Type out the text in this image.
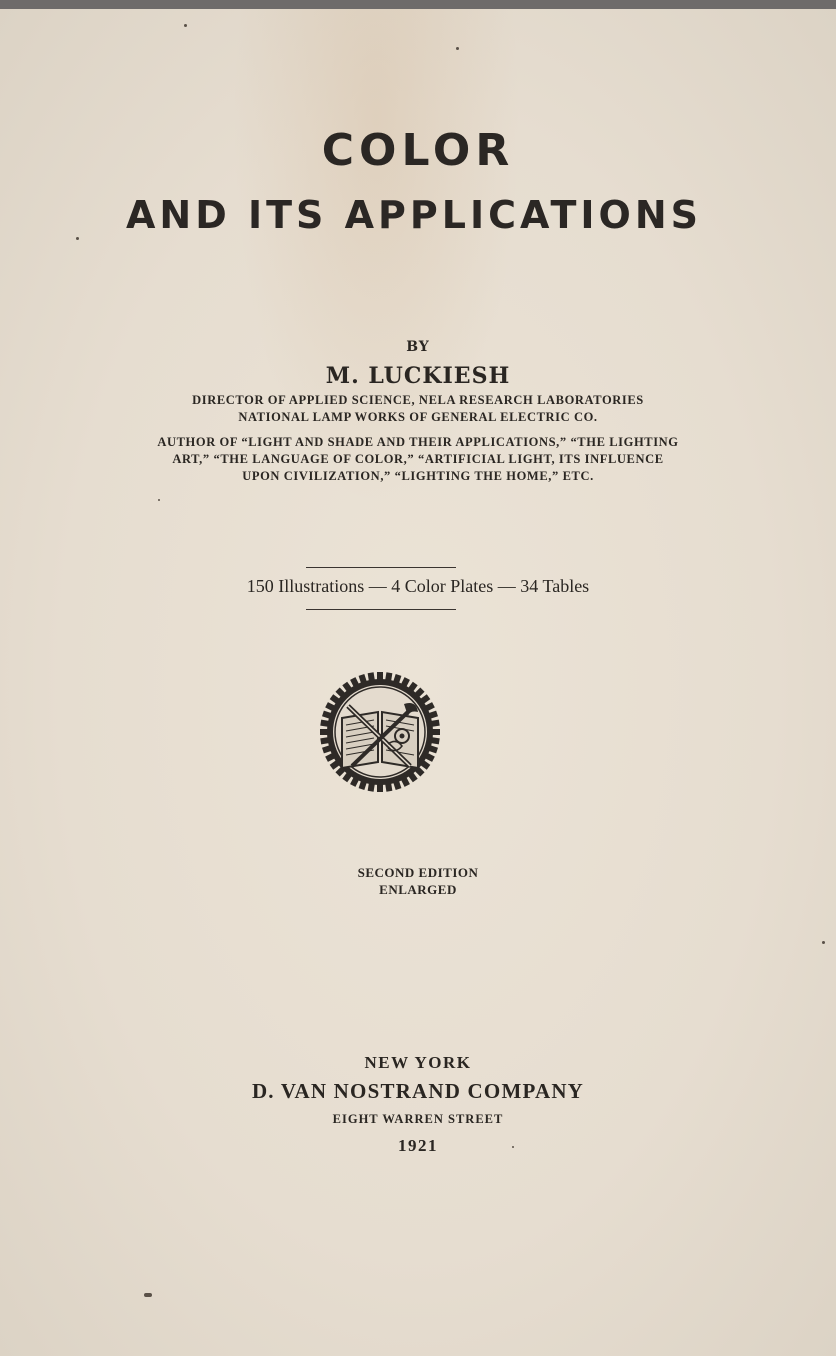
COLOR
AND ITS APPLICATIONS
BY
M. LUCKIESH
DIRECTOR OF APPLIED SCIENCE, NELA RESEARCH LABORATORIES
NATIONAL LAMP WORKS OF GENERAL ELECTRIC CO.
AUTHOR OF “LIGHT AND SHADE AND THEIR APPLICATIONS,” “THE LIGHTING
ART,” “THE LANGUAGE OF COLOR,” “ARTIFICIAL LIGHT, ITS INFLUENCE
UPON CIVILIZATION,” “LIGHTING THE HOME,” ETC.
150 Illustrations — 4 Color Plates — 34 Tables
SECOND EDITION
ENLARGED
NEW YORK
D. VAN NOSTRAND COMPANY
EIGHT WARREN STREET
1921
